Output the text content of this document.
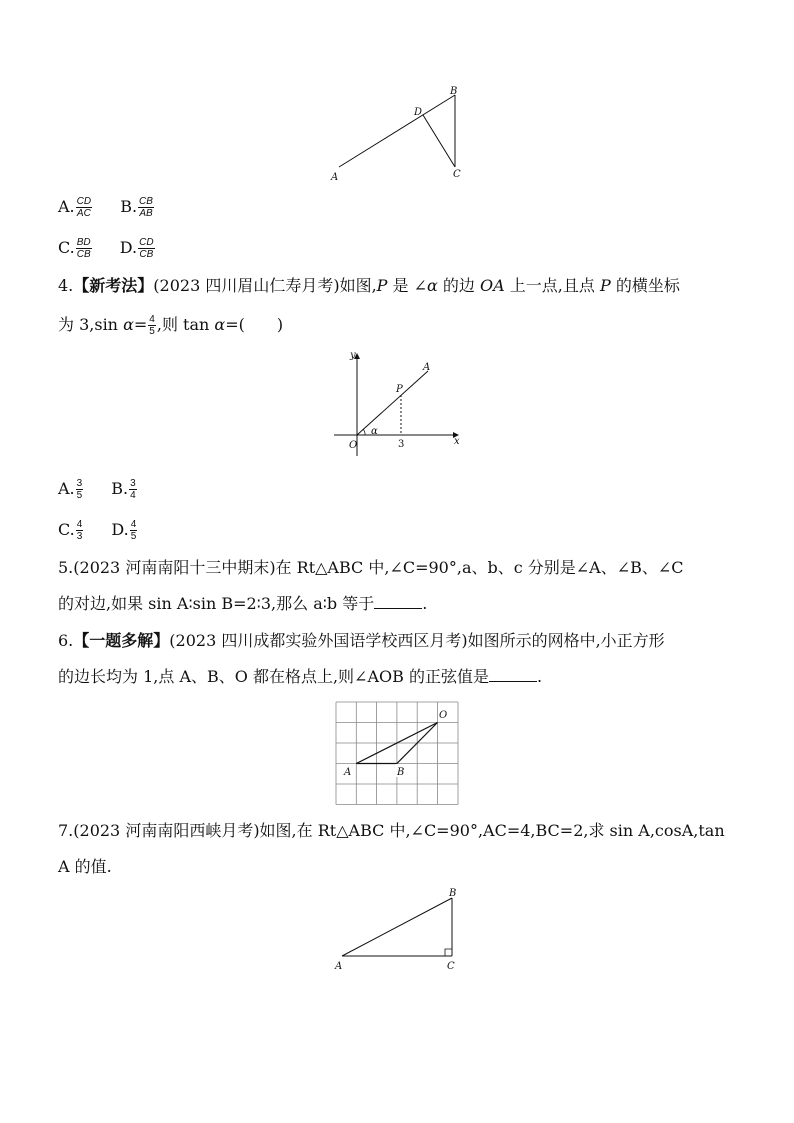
A
B
C
D
A. $\frac{CD}{AC} B$. $\frac{CB}{AB}$
C. $\frac{BD}{CB} D$. $\frac{CD}{CB}$
4.【新考法】(2023 四川眉山仁寿月考)如图,P 是 ∠α 的边 OA 上一点,且点 P 的横坐标
为 3,sin $\alpha= \frac{4}{5}$ ,则 tan α=(　　)
y
x
O
P
A
α
3
A. $\frac{3}{5} B$. $\frac{3}{4}$
C. $\frac{4}{3} D$. $\frac{4}{5}$
5.(2023 河南南阳十三中期末)在 Rt△ABC 中,∠C=90°,a、b、c 分别是∠A、∠B、∠C
的对边,如果 sin A∶sin B=2∶3,那么 a∶b 等于	.
6.【一题多解】(2023 四川成都实验外国语学校西区月考)如图所示的网格中,小正方形
的边长均为 1,点 A、B、O 都在格点上,则∠AOB 的正弦值是	.
O
A	B
7.(2023 河南南阳西峡月考)如图,在 Rt△ABC 中,∠C=90°,AC=4,BC=2,求 sin A,cosA,tan
A 的值.
A
B
C
